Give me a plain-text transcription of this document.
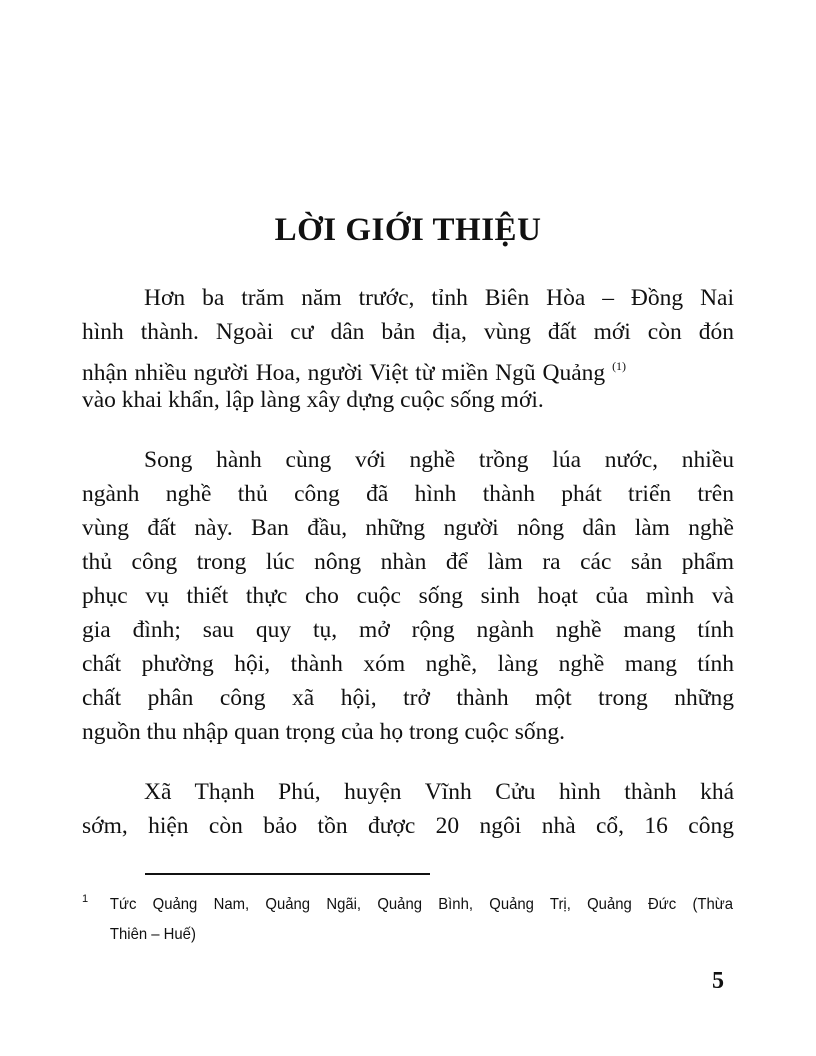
LỜI GIỚI THIỆU
Hơn ba trăm năm trước, tỉnh Biên Hòa – Đồng Nai
hình thành. Ngoài cư dân bản địa, vùng đất mới còn đón
nhận nhiều người Hoa, người Việt từ miền Ngũ Quảng $^{(1)}$
vào khai khẩn, lập làng xây dựng cuộc sống mới.
Song hành cùng với nghề trồng lúa nước, nhiều
ngành nghề thủ công đã hình thành phát triển trên
vùng đất này. Ban đầu, những người nông dân làm nghề
thủ công trong lúc nông nhàn để làm ra các sản phẩm
phục vụ thiết thực cho cuộc sống sinh hoạt của mình và
gia đình; sau quy tụ, mở rộng ngành nghề mang tính
chất phường hội, thành xóm nghề, làng nghề mang tính
chất phân công xã hội, trở thành một trong những
nguồn thu nhập quan trọng của họ trong cuộc sống.
Xã Thạnh Phú, huyện Vĩnh Cửu hình thành khá
sớm, hiện còn bảo tồn được 20 ngôi nhà cổ, 16 công
1	Tức Quảng Nam, Quảng Ngãi, Quảng Bình, Quảng Trị, Quảng Đức (Thừa
Thiên – Huế)
5
